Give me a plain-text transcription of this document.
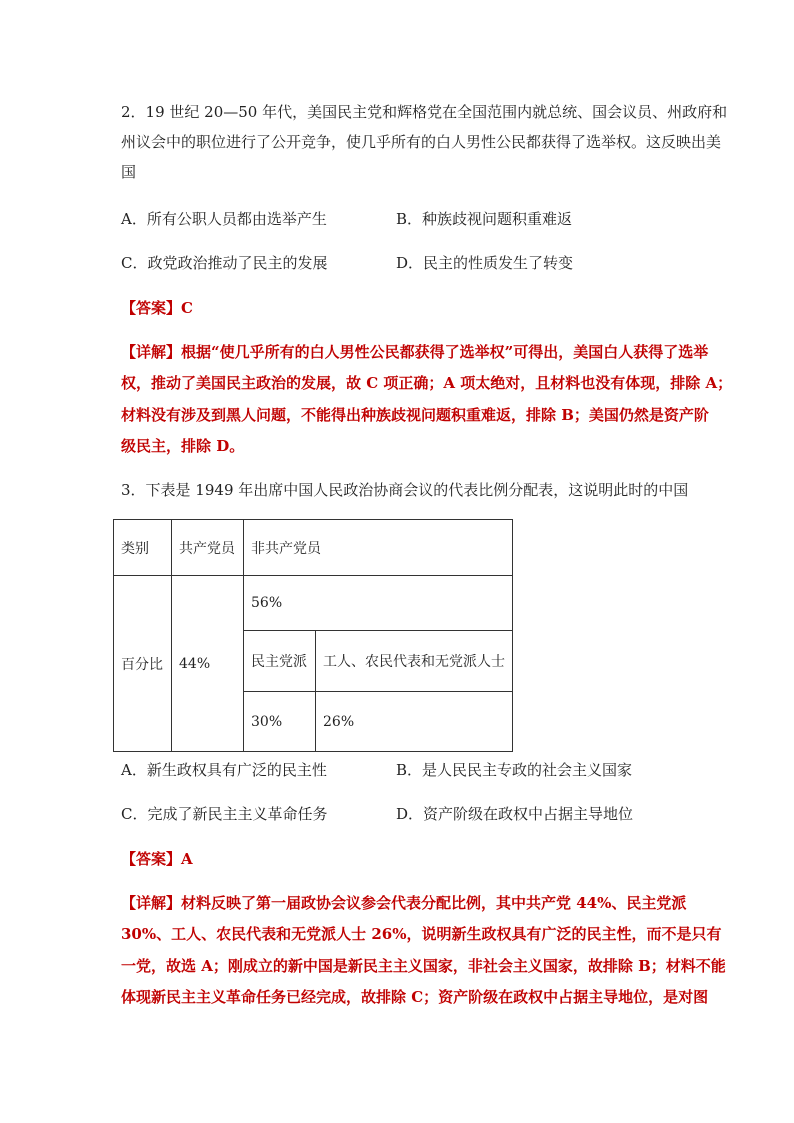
2．19 世纪 20—50 年代，美国民主党和辉格党在全国范围内就总统、国会议员、州政府和
州议会中的职位进行了公开竞争，使几乎所有的白人男性公民都获得了选举权。这反映出美
国
A．所有公职人员都由选举产生	B．种族歧视问题积重难返
C．政党政治推动了民主的发展	D．民主的性质发生了转变
【答案】C
【详解】根据“使几乎所有的白人男性公民都获得了选举权”可得出，美国白人获得了选举
权，推动了美国民主政治的发展，故 C 项正确；A 项太绝对，且材料也没有体现，排除 A；
材料没有涉及到黑人问题，不能得出种族歧视问题积重难返，排除 B；美国仍然是资产阶
级民主，排除 D。
3．下表是 1949 年出席中国人民政治协商会议的代表比例分配表，这说明此时的中国
类别	共产党员	非共产党员	
百分比	44%	56%	
		民主党派	工人、农民代表和无党派人士
		30%	26%
A．新生政权具有广泛的民主性	B．是人民民主专政的社会主义国家
C．完成了新民主主义革命任务	D．资产阶级在政权中占据主导地位
【答案】A
【详解】材料反映了第一届政协会议参会代表分配比例，其中共产党 44%、民主党派
30%、工人、农民代表和无党派人士 26%，说明新生政权具有广泛的民主性，而不是只有
一党，故选 A；刚成立的新中国是新民主主义国家，非社会主义国家，故排除 B；材料不能
体现新民主主义革命任务已经完成，故排除 C；资产阶级在政权中占据主导地位，是对图
